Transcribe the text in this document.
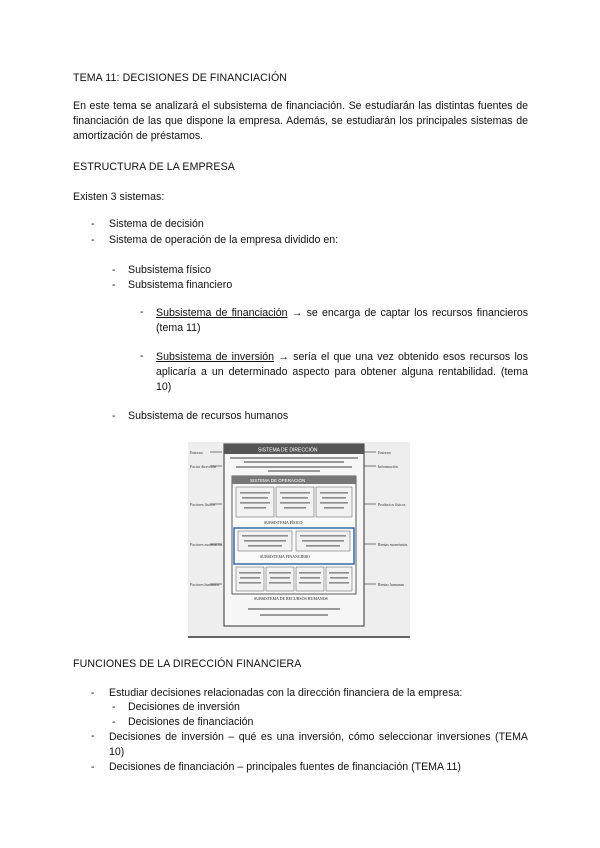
TEMA 11: DECISIONES DE FINANCIACIÓN
En este tema se analizará el subsistema de financiación. Se estudiarán las distintas fuentes de financiación de las que dispone la empresa. Además, se estudiarán los principales sistemas de amortización de préstamos.
ESTRUCTURA DE LA EMPRESA
Existen 3 sistemas:
-	Sistema de decisión
-	Sistema de operación de la empresa dividido en:
-	Subsistema físico
-	Subsistema financiero
-	Subsistema de financiación → se encarga de captar los recursos financieros (tema 11)
-	Subsistema de inversión → sería el que una vez obtenido esos recursos los aplicaría a un determinado aspecto para obtener alguna rentabilidad. (tema 10)
-	Subsistema de recursos humanos
Entorno
Factor dirección
Factores físicos
Factores monetarios
Factores humanos
Entorno
Información
Productos físicos
Rentas monetarias
Rentas humanas
SISTEMA DE DIRECCIÓN
SISTEMA DE OPERACIÓN
SUBSISTEMA FÍSICO
SUBSISTEMA FINANCIERO
SUBSISTEMA DE RECURSOS HUMANOS
FUNCIONES DE LA DIRECCIÓN FINANCIERA
-	Estudiar decisiones relacionadas con la dirección financiera de la empresa:
-	Decisiones de inversión
-	Decisiones de financiación
-	Decisiones de inversión – qué es una inversión, cómo seleccionar inversiones (TEMA 10)
-	Decisiones de financiación – principales fuentes de financiación (TEMA 11)
